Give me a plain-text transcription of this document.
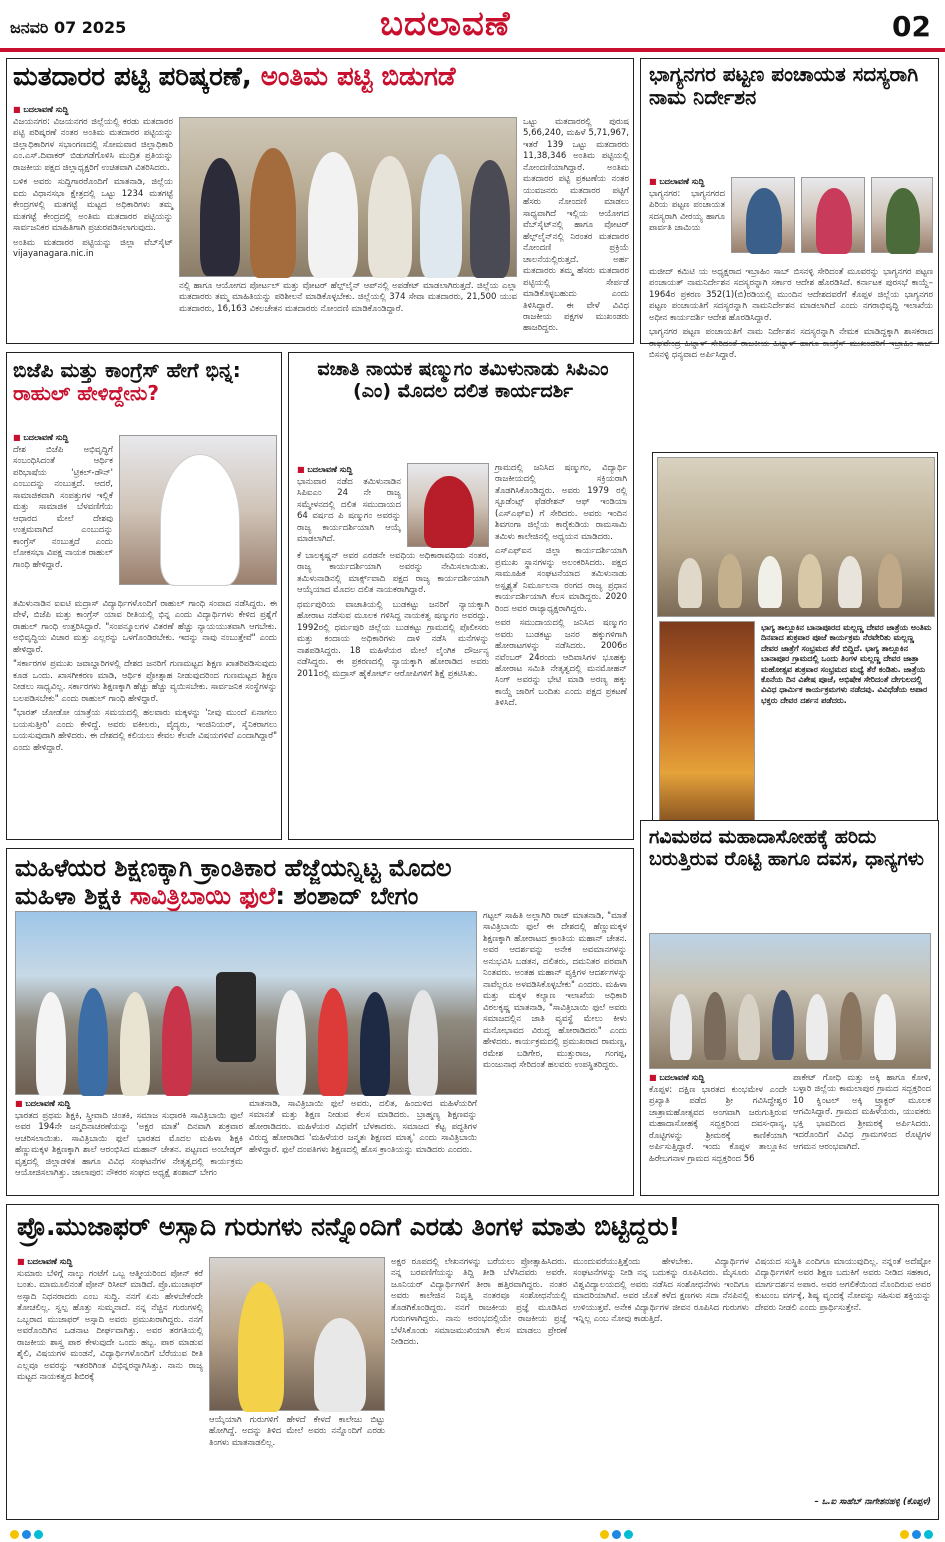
ಜನವರಿ 07 2025	ಬದಲಾವಣೆ	02
ಮತದಾರರ ಪಟ್ಟಿ ಪರಿಷ್ಕರಣೆ, ಅಂತಿಮ ಪಟ್ಟಿ ಬಿಡುಗಡೆ
■ ಬದಲಾವಣೆ ಸುದ್ದಿ

ವಿಜಯನಗರ: ವಿಜಯನಗರ ಜಿಲ್ಲೆಯಲ್ಲಿ ಕರಡು ಮತದಾರರ ಪಟ್ಟಿ ಪರಿಷ್ಕರಣೆ ನಂತರ ಅಂತಿಮ ಮತದಾರರ ಪಟ್ಟಿಯನ್ನು ಜಿಲ್ಲಾಧಿಕಾರಿಗಳ ಸಭಾಂಗಣದಲ್ಲಿ ಸೋಮವಾರ ಜಿಲ್ಲಾಧಿಕಾರಿ ಎಂ.ಎಸ್.ದಿವಾಕರ್ ಬಿಡುಗಡೆಗೊಳಿಸಿ ಮುದ್ರಿತ ಪ್ರತಿಯನ್ನು ರಾಜಕೀಯ ಪಕ್ಷದ ಜಿಲ್ಲಾಧ್ಯಕ್ಷರಿಗೆ ಉಚಿತವಾಗಿ ವಿತರಿಸಿದರು.

ಬಳಿಕ ಅವರು ಸುದ್ದಿಗಾರರೊಂದಿಗೆ ಮಾತನಾಡಿ, ಜಿಲ್ಲೆಯ ಐದು ವಿಧಾನಸಭಾ ಕ್ಷೇತ್ರದಲ್ಲಿ ಒಟ್ಟು 1234 ಮತಗಟ್ಟೆ ಕೇಂದ್ರಗಳಲ್ಲಿ ಮತಗಟ್ಟೆ ಮಟ್ಟದ ಅಧಿಕಾರಿಗಳು ತಮ್ಮ ಮತಗಟ್ಟೆ ಕೇಂದ್ರದಲ್ಲಿ ಅಂತಿಮ ಮತದಾರರ ಪಟ್ಟಿಯನ್ನು ಸಾರ್ವಜನಿಕರ ಮಾಹಿತಿಗಾಗಿ ಪ್ರಚುರಪಡಿಸಲಾಗುವುದು.

ಅಂತಿಮ ಮತದಾರರ ಪಟ್ಟಿಯನ್ನು ಜಿಲ್ಲಾ ವೆಬ್‌ಸೈಟ್ vijayanagara.nic.in

ನಲ್ಲಿ ಹಾಗೂ ಆಯೋಗದ ಪೋರ್ಟಲ್ ಮತ್ತು ವೋಟರ್ ಹೆಲ್ಪ್‌ಲೈನ್ ಆಪ್‌ನಲ್ಲಿ ಅಪಡೇಟ್ ಮಾಡಲಾಗಿರುತ್ತದೆ. ಜಿಲ್ಲೆಯ ಎಲ್ಲಾ ಮತದಾರರು ತಮ್ಮ ಮಾಹಿತಿಯನ್ನು ಪರಿಶೀಲನೆ ಮಾಡಿಕೊಳ್ಳಬೇಕು. ಜಿಲ್ಲೆಯಲ್ಲಿ 374 ಸೇವಾ ಮತದಾರರು, 21,500 ಯುವ ಮತದಾರರು, 16,163 ವಿಕಲಚೇತನ ಮತದಾರರು ನೋಂದಣಿ ಮಾಡಿಕೊಂಡಿದ್ದಾರೆ.
ಒಟ್ಟು ಮತದಾರರಲ್ಲಿ ಪುರುಷ 5,66,240, ಮಹಿಳೆ 5,71,967, ಇತರೆ 139 ಒಟ್ಟು ಮತದಾರರು 11,38,346 ಅಂತಿಮ ಪಟ್ಟಿಯಲ್ಲಿ ನೋಂದಣಿಯಾಗಿದ್ದಾರೆ. ಅಂತಿಮ ಮತದಾರರ ಪಟ್ಟಿ ಪ್ರಕಟಣೆಯ ನಂತರ ಯುವಜನರು ಮತದಾರರ ಪಟ್ಟಿಗೆ ಹೆಸರು ನೋಂದಣಿ ಮಾಡಲು ಸಾಧ್ಯವಾಗಿದೆ ಇಲ್ಲಿಯ ಆಯೋಗದ ವೆಬ್‌ಸೈಟ್‌ನಲ್ಲಿ ಹಾಗೂ ವೋಟರ್ ಹೆಲ್ಪ್‌ಲೈನ್‌ನಲ್ಲಿ ನಿರಂತರ ಮತದಾರರ ನೋಂದಣಿ ಪ್ರಕ್ರಿಯೆ ಚಾಲನೆಯಲ್ಲಿರುತ್ತದೆ. ಅರ್ಹ ಮತದಾರರು ತಮ್ಮ ಹೆಸರು ಮತದಾರರ ಪಟ್ಟಿಯಲ್ಲಿ ಸೇರ್ಪಡೆ ಮಾಡಿಕೊಳ್ಳಬಹುದು ಎಂದು ತಿಳಿಸಿದ್ದಾರೆ. ಈ ವೇಳೆ ವಿವಿಧ ರಾಜಕೀಯ ಪಕ್ಷಗಳ ಮುಖಂಡರು ಹಾಜರಿದ್ದರು.
ಭಾಗ್ಯನಗರ ಪಟ್ಟಣ ಪಂಚಾಯತ ಸದಸ್ಯರಾಗಿ ನಾಮ ನಿರ್ದೇಶನ
■ ಬದಲಾವಣೆ ಸುದ್ದಿ
ಭಾಗ್ಯನಗರ: ಭಾಗ್ಯನಗರದ ಪಿರಿಯ ಪಟ್ಟಣ ಪಂಚಾಯತ ಸದಸ್ಯರಾಗಿ ವೀರಯ್ಯ ಹಾಗೂ ಪಾರ್ವತಿ ಜಾಮಿಯ

ಮಜೀದ್ ಕಮಿಟಿ ಯ ಅಧ್ಯಕ್ಷರಾದ ಇಬ್ರಾಹಿಂ ಸಾಬ್ ಬಿಸನಳ್ಳಿ ಸೇರಿದಂತೆ ಮೂವರನ್ನು ಭಾಗ್ಯನಗರ ಪಟ್ಟಣ ಪಂಚಾಯತ್ ನಾಮನಿರ್ದೇಶನ ಸದಸ್ಯರನ್ನಾಗಿ ಸರ್ಕಾರ ಆದೇಶ ಹೊರಡಿಸಿದೆ. ಕರ್ನಾಟಕ ಪುರಸಭೆ ಕಾಯ್ದೆ–1964ರ ಪ್ರಕರಣ 352(1)(ಬಿ)ರಡಿಯಲ್ಲಿ ಮುಂದಿನ ಆದೇಶದವರೆಗೆ ಕೊಪ್ಪಳ ಜಿಲ್ಲೆಯ ಭಾಗ್ಯನಗರ ಪಟ್ಟಣ ಪಂಚಾಯತಿಗೆ ಸದಸ್ಯರನ್ನಾಗಿ ನಾಮನಿರ್ದೇಶನ ಮಾಡಲಾಗಿದೆ ಎಂದು ನಗರಾಭಿವೃದ್ಧಿ ಇಲಾಖೆಯ ಅಧೀನ ಕಾರ್ಯದರ್ಶಿ ಆದೇಶ ಹೊರಡಿಸಿದ್ದಾರೆ.

ಭಾಗ್ಯನಗರ ಪಟ್ಟಣ ಪಂಚಾಯತಿಗೆ ನಾಮ ನಿರ್ದೇಶನ ಸದಸ್ಯರನ್ನಾಗಿ ನೇಮಕ ಮಾಡಿದ್ದಕ್ಕಾಗಿ ಶಾಸಕರಾದ ರಾಘವೇಂದ್ರ ಹಿಟ್ನಾಳ್ ಸೇರಿದಂತೆ ರಾಜಕೀಯ ಹಿಟ್ನಾಳ್ ಹಾಗೂ ಕಾಂಗ್ರೆಸ್ ಮುಖಂಡರಿಗೆ ಇಬ್ರಾಹಿಂ ಸಾಬ್ ಬಿಸನಳ್ಳಿ ಧನ್ಯವಾದ ಅರ್ಪಿಸಿದ್ದಾರೆ.

ಬಿಜೆಪಿ ಮತ್ತು ಕಾಂಗ್ರೆಸ್ ಹೇಗೆ ಭಿನ್ನ: ರಾಹುಲ್ ಹೇಳಿದ್ದೇನು?
■ ಬದಲಾವಣೆ ಸುದ್ದಿ
ದೇಶ ಬಿಜೆಪಿ ಅಭಿವೃದ್ಧಿಗೆ ಸಂಬಂಧಿಸಿದಂತೆ ಆರ್ಥಿಕ ಪರಿಭಾಷೆಯ 'ಟ್ರಿಕಲ್-ಡೌನ್' ಎಂಬುದನ್ನು ನಂಬುತ್ತದೆ. ಆದರೆ, ಸಾಮಾಜಿಕವಾಗಿ ಸಂಪತ್ತುಗಳ ಇಲ್ಲಿಕೆ ಮತ್ತು ಸಾಮಾಜಿಕ ಬೆಳವಣಿಗೆಯ ಆಧಾರದ ಮೇಲೆ ದೇಶವು ಉತ್ತಮವಾಗಿದೆ ಎಂಬುದನ್ನು ಕಾಂಗ್ರೆಸ್ ನಂಬುತ್ತದೆ ಎಂದು ಲೋಕಸಭಾ ವಿಪಕ್ಷ ನಾಯಕ ರಾಹುಲ್ ಗಾಂಧಿ ಹೇಳಿದ್ದಾರೆ.

ತಮಿಳುನಾಡಿನ ಐಐಟಿ ಮದ್ರಾಸ್ ವಿದ್ಯಾರ್ಥಿಗಳೊಂದಿಗೆ ರಾಹುಲ್ ಗಾಂಧಿ ಸಂವಾದ ನಡೆಸಿದ್ದರು. ಈ ವೇಳೆ, ಬಿಜೆಪಿ ಮತ್ತು ಕಾಂಗ್ರೆಸ್ ಯಾವ ರೀತಿಯಲ್ಲಿ ಭಿನ್ನ ಎಂದು ವಿದ್ಯಾರ್ಥಿಗಳು ಕೇಳಿದ ಪ್ರಶ್ನೆಗೆ ರಾಹುಲ್ ಗಾಂಧಿ ಉತ್ತರಿಸಿದ್ದಾರೆ. "ಸಂಪನ್ಮೂಲಗಳ ವಿತರಣೆ ಹೆಚ್ಚು ನ್ಯಾಯಯುತವಾಗಿ ಆಗಬೇಕು. ಅಭಿವೃದ್ಧಿಯ ವಿಚಾರ ಮತ್ತು ಎಲ್ಲರನ್ನು ಒಳಗೊಂಡಿರಬೇಕು. ಇದನ್ನು ನಾವು ನಂಬುತ್ತೇವೆ" ಎಂದು ಹೇಳಿದ್ದಾರೆ.

"ಸರ್ಕಾರಗಳ ಪ್ರಮುಖ ಜವಾಬ್ದಾರಿಗಳಲ್ಲಿ ದೇಶದ ಜನರಿಗೆ ಗುಣಮಟ್ಟದ ಶಿಕ್ಷಣ ಖಾತರಿಪಡಿಸುವುದು ಕೂಡ ಒಂದು. ಖಾಸಗೀಕರಣ ಮಾಡಿ, ಆರ್ಥಿಕ ಪ್ರೋತ್ಸಾಹ ನೀಡುವುದರಿಂದ ಗುಣಮಟ್ಟದ ಶಿಕ್ಷಣ ನೀಡಲು ಸಾಧ್ಯವಿಲ್ಲ. ಸರ್ಕಾರಗಳು ಶಿಕ್ಷಣಕ್ಕಾಗಿ ಹೆಚ್ಚು ಹೆಚ್ಚು ವ್ಯಯಿಸಬೇಕು. ಸಾರ್ವಜನಿಕ ಸಂಸ್ಥೆಗಳನ್ನು ಬಲಪಡಿಸಬೇಕು" ಎಂದು ರಾಹುಲ್ ಗಾಂಧಿ ಹೇಳಿದ್ದಾರೆ.

"ಭಾರತ್ ಜೋಡೋ ಯಾತ್ರೆಯ ಸಮಯದಲ್ಲಿ ಹಲವಾರು ಮಕ್ಕಳನ್ನು 'ನೀವು ಮುಂದೆ ಏನಾಗಲು ಬಯಸುತ್ತೀರಿ' ಎಂದು ಕೇಳಿದ್ದೆ. ಅವರು ವಕೀಲರು, ವೈದ್ಯರು, ಇಂಜಿನಿಯರ್, ಸೈನಿಕರಾಗಲು ಬಯಸುವುದಾಗಿ ಹೇಳಿದರು. ಈ ದೇಶದಲ್ಲಿ ಕಲಿಯಲು ಕೇವಲ ಕೆಲವೇ ವಿಷಯಗಳಿವೆ ಎಂದಾಗಿದ್ದಾರೆ" ಎಂದು ಹೇಳಿದ್ದಾರೆ.

ವಚಾತಿ ನಾಯಕ ಷಣ್ಮುಗಂ ತಮಿಳುನಾಡು ಸಿಪಿಎಂ (ಎಂ) ಮೊದಲ ದಲಿತ ಕಾರ್ಯದರ್ಶಿ
■ ಬದಲಾವಣೆ ಸುದ್ದಿ
ಭಾನುವಾರ ನಡೆದ ತಮಿಳುನಾಡಿನ ಸಿಪಿಐಎಂ 24 ನೇ ರಾಜ್ಯ ಸಮ್ಮೇಳನದಲ್ಲಿ ದಲಿತ ಸಮುದಾಯದ 64 ವರ್ಷದ ಪಿ ಷಣ್ಮುಗಂ ಅವರನ್ನು ರಾಜ್ಯ ಕಾರ್ಯದರ್ಶಿಯಾಗಿ ಆಯ್ಕೆ ಮಾಡಲಾಗಿದೆ.

ಕೆ ಬಾಲಕೃಷ್ಣನ್ ಅವರ ಎರಡನೇ ಅವಧಿಯ ಅಧಿಕಾರಾವಧಿಯ ನಂತರ, ರಾಜ್ಯ ಕಾರ್ಯದರ್ಶಿಯಾಗಿ ಅವರನ್ನು ನೇಮಿಸಲಾಯಿತು. ತಮಿಳುನಾಡಿನಲ್ಲಿ ಮಾರ್ಕ್ಸ್‌ವಾದಿ ಪಕ್ಷದ ರಾಜ್ಯ ಕಾರ್ಯದರ್ಶಿಯಾಗಿ ಆಯ್ಕೆಯಾದ ಮೊದಲ ದಲಿತ ನಾಯಕರಾಗಿದ್ದಾರೆ.

ಧರ್ಮಪುರಿಯ ವಾಚಾತಿಯಲ್ಲಿ ಬುಡಕಟ್ಟು ಜನರಿಗೆ ನ್ಯಾಯಕ್ಕಾಗಿ ಹೋರಾಟ ನಡೆಸುವ ಮೂಲಕ ಗಳಿಸಿದ್ದ ನಾಯಕತ್ವ ಷಣ್ಮುಗಂ ಅವರದ್ದು. 1992ರಲ್ಲಿ ಧರ್ಮಪುರಿ ಜಿಲ್ಲೆಯ ಬುಡಕಟ್ಟು ಗ್ರಾಮದಲ್ಲಿ ಪೊಲೀಸರು ಮತ್ತು ಕಂದಾಯ ಅಧಿಕಾರಿಗಳು ದಾಳಿ ನಡೆಸಿ ಮನೆಗಳನ್ನು ನಾಶಪಡಿಸಿದ್ದರು. 18 ಮಹಿಳೆಯರ ಮೇಲೆ ಲೈಂಗಿಕ ದೌರ್ಜನ್ಯ ನಡೆಸಿದ್ದರು. ಈ ಪ್ರಕರಣದಲ್ಲಿ ನ್ಯಾಯಕ್ಕಾಗಿ ಹೋರಾಡಿದ ಅವರು 2011ರಲ್ಲಿ ಮದ್ರಾಸ್ ಹೈಕೋರ್ಟ್ ಆರೋಪಿಗಳಿಗೆ ಶಿಕ್ಷೆ ಪ್ರಕಟಿಸಿತು.

ಗ್ರಾಮದಲ್ಲಿ ಜನಿಸಿದ ಷಣ್ಮುಗಂ, ವಿದ್ಯಾರ್ಥಿ ರಾಜಕೀಯದಲ್ಲಿ ಸಕ್ರಿಯರಾಗಿ ತೊಡಗಿಸಿಕೊಂಡಿದ್ದರು. ಅವರು 1979 ರಲ್ಲಿ ಸ್ಟೂಡೆಂಟ್ಸ್ ಫೆಡರೇಶನ್ ಆಫ್ ಇಂಡಿಯಾ (ಎಸ್‌ಎಫ್‌ಐ) ಗೆ ಸೇರಿದರು. ಅವರು ಇಂದಿನ ಶಿವಗಂಗಾ ಜಿಲ್ಲೆಯ ಕಾರೈಕುಡಿಯ ರಾಮಸಾಮಿ ತಮಿಳು ಕಾಲೇಜಿನಲ್ಲಿ ಅಧ್ಯಯನ ಮಾಡಿದರು.

ಎಸ್‌ಎಫ್‌ಐನ ಜಿಲ್ಲಾ ಕಾರ್ಯದರ್ಶಿಯಾಗಿ ಪ್ರಮುಖ ಸ್ಥಾನಗಳನ್ನು ಅಲಂಕರಿಸಿದರು. ಪಕ್ಷದ ಸಾಮೂಹಿಕ ಸಂಘಟನೆಯಾದ ತಮಿಳುನಾಡು ಅಸ್ಪೃಶ್ಯತೆ ನಿರ್ಮೂಲನಾ ರಂಗದ ರಾಜ್ಯ ಪ್ರಧಾನ ಕಾರ್ಯದರ್ಶಿಯಾಗಿ ಕೆಲಸ ಮಾಡಿದ್ದರು. 2020 ರಿಂದ ಅವರ ರಾಜ್ಯಾಧ್ಯಕ್ಷರಾಗಿದ್ದರು.

ಅವರ ಸಮುದಾಯದಲ್ಲಿ ಜನಿಸಿದ ಷಣ್ಮುಗಂ ಅವರು ಬುಡಕಟ್ಟು ಜನರ ಹಕ್ಕುಗಳಿಗಾಗಿ ಹೋರಾಟಗಳನ್ನು ನಡೆಸಿದರು. 2006ರ ನವೆಂಬರ್ 24ರಂದು ಆದಿವಾಸಿಗಳ ಭೂಹಕ್ಕು ಹೋರಾಟ ಸಮಿತಿ ನೇತೃತ್ವದಲ್ಲಿ ಮನಮೋಹನ್ ಸಿಂಗ್ ಅವರನ್ನು ಭೇಟಿ ಮಾಡಿ ಅರಣ್ಯ ಹಕ್ಕು ಕಾಯ್ದೆ ಜಾರಿಗೆ ಬಂದಿತು ಎಂದು ಪಕ್ಷದ ಪ್ರಕಟಣೆ ತಿಳಿಸಿದೆ.

ಭಾಗ್ಯ ತಾಲ್ಲೂಕಿನ ಬಾನಾಪೂರದ ಮಲ್ಲಣ್ಣ ದೇವರ ಜಾತ್ರೆಯ ಅಂತಿಮ ದಿನವಾದ ಶುಕ್ರವಾರ ಪೂಜೆ ಕಾರ್ಯಕ್ರಮ ನೆರವೇರಿತು ಮಲ್ಲಣ್ಣ ದೇವರ ಜಾತ್ರೆಗೆ ಸಂಭ್ರಮದ ತೆರೆ ಬಿದ್ದಿದೆ. ಭಾಗ್ಯ ತಾಲ್ಲೂಕಿನ ಬಾನಾಪೂರ ಗ್ರಾಮದಲ್ಲಿ ಒಂದು ತಿಂಗಳ ಮಲ್ಲಣ್ಣ ದೇವರ ಜಾತ್ರಾ ಮಹೋತ್ಸವ ಶುಕ್ರವಾರ ಸಂಭ್ರಮದ ಮಧ್ಯೆ ತೆರೆ ಕಂಡಿತು. ಜಾತ್ರೆಯ ಕೊನೆಯ ದಿನ ವಿಶೇಷ ಪೂಜೆ, ಅಭಿಷೇಕ ಸೇರಿದಂತೆ ದೇಗುಲದಲ್ಲಿ ವಿವಿಧ ಧಾರ್ಮಿಕ ಕಾರ್ಯಕ್ರಮಗಳು ನಡೆದವು. ವಿವಿಧೆಡೆಯ ಅಪಾರ ಭಕ್ತರು ದೇವರ ದರ್ಶನ ಪಡೆದರು.
ಮಹಿಳೆಯರ ಶಿಕ್ಷಣಕ್ಕಾಗಿ ಕ್ರಾಂತಿಕಾರ ಹೆಜ್ಜೆಯನ್ನಿಟ್ಟ ಮೊದಲ
ಮಹಿಳಾ ಶಿಕ್ಷಕಿ ಸಾವಿತ್ರಿಬಾಯಿ ಫುಲೆ: ಶಂಶಾದ್ ಬೇಗಂ
ಗಟ್ಟಲ್ ಸಾಹಿತಿ ಅಲ್ಲಾಗಿರಿ ರಾಜ್ ಮಾತನಾಡಿ, "ಮಾತೆ ಸಾವಿತ್ರಿಬಾಯಿ ಫುಲೆ ಈ ದೇಶದಲ್ಲಿ ಹೆಣ್ಣುಮಕ್ಕಳ ಶಿಕ್ಷಣಕ್ಕಾಗಿ ಹೋರಾಟದ ಕ್ರಾಂತಿಯ ಮಹಾನ್ ಚೇತನ. ಅವರ ಆದರ್ಶವನ್ನು ಅನೇಕ ಅವಮಾನಗಳನ್ನು ಅನುಭವಿಸಿ ಬಡತನ, ದಲಿತರು, ದಮನಿತರ ಪರವಾಗಿ ನಿಂತವರು. ಅಂತಹ ಮಹಾನ್ ವ್ಯಕ್ತಿಗಳ ಆದರ್ಶಗಳನ್ನು ನಾವೆಲ್ಲರೂ ಅಳವಡಿಸಿಕೊಳ್ಳಬೇಕು" ಎಂದರು. ಮಹಿಳಾ ಮತ್ತು ಮಕ್ಕಳ ಕಲ್ಯಾಣ ಇಲಾಖೆಯ ಅಧಿಕಾರಿ ವಿಠಲಕೃಷ್ಣ ಮಾತನಾಡಿ, "ಸಾವಿತ್ರಿಬಾಯಿ ಫುಲೆ ಅವರು ಸಮಾಜದಲ್ಲಿನ ಜಾತಿ ವ್ಯವಸ್ಥೆ ಮೇಲು ಕೀಳು ಮನೋಭಾವದ ವಿರುದ್ಧ ಹೋರಾಡಿದರು" ಎಂದು ಹೇಳಿದರು. ಕಾರ್ಯಕ್ರಮದಲ್ಲಿ ಪ್ರಮುಖರಾದ ರಾಮಣ್ಣ, ರಮೇಶ ಬಡಿಗೇರ, ಮುತ್ತುರಾಜ, ಗಂಗಪ್ಪ, ಮಂಜುನಾಥ ಸೇರಿದಂತೆ ಹಲವರು ಉಪಸ್ಥಿತರಿದ್ದರು.
■ ಬದಲಾವಣೆ ಸುದ್ದಿ
ಭಾರತದ ಪ್ರಥಮ ಶಿಕ್ಷಕಿ, ಸ್ತ್ರೀವಾದಿ ಚಿಂತಕಿ, ಸಮಾಜ ಸುಧಾರಕಿ ಸಾವಿತ್ರಿಬಾಯಿ ಫುಲೆ ಅವರ 194ನೇ ಜನ್ಮದಿನಾಚರಣೆಯನ್ನು 'ಅಕ್ಷರ ಮಾತೆ' ದಿನವಾಗಿ ಶುಕ್ರವಾರ ಆಚರಿಸಲಾಯಿತು. ಸಾವಿತ್ರಿಬಾಯಿ ಫುಲೆ ಭಾರತದ ಮೊದಲ ಮಹಿಳಾ ಶಿಕ್ಷಕಿ ಹೆಣ್ಣುಮಕ್ಕಳ ಶಿಕ್ಷಣಕ್ಕಾಗಿ ಶಾಲೆ ಆರಂಭಿಸಿದ ಮಹಾನ್ ಚೇತನ. ಪಟ್ಟಣದ ಅಂಬೇಡ್ಕರ್ ವೃತ್ತದಲ್ಲಿ ಜಿಲ್ಲಾಡಳಿತ ಹಾಗೂ ವಿವಿಧ ಸಂಘಟನೆಗಳ ನೇತೃತ್ವದಲ್ಲಿ ಕಾರ್ಯಕ್ರಮ ಆಯೋಜಿಸಲಾಗಿತ್ತು. ಜಾಲಾಪುರ: ನೌಕರರ ಸಂಘದ ಅಧ್ಯಕ್ಷೆ ಶಂಶಾದ್ ಬೇಗಂ
ಮಾತನಾಡಿ, ಸಾವಿತ್ರಿಬಾಯಿ ಫುಲೆ ಅವರು, ದಲಿತ, ಹಿಂದುಳಿದ ಮಹಿಳೆಯರಿಗೆ ಸಮಾನತೆ ಮತ್ತು ಶಿಕ್ಷಣ ನೀಡುವ ಕೆಲಸ ಮಾಡಿದರು. ಬ್ರಾಹ್ಮಣ್ಯ ಶಿಕ್ಷಣವನ್ನು ಹೋರಾಡಿದರು. ಮಹಿಳೆಯರ ವಿಧವೆಗೆ ಬೆಳಕಾದರು. ಸಮಾಜದ ಕೆಟ್ಟ ಪದ್ಧತಿಗಳ ವಿರುದ್ಧ ಹೋರಾಡಿದ 'ಮಹಿಳೆಯರ ಜನ್ಮತಃ ಶಿಕ್ಷಣದ ಮಾತೃ' ಎಂದು ಸಾವಿತ್ರಿಬಾಯಿ ಹೇಳಿದ್ದಾರೆ. ಫುಲೆ ದಂಪತಿಗಳು ಶಿಕ್ಷಣದಲ್ಲಿ ಹೊಸ ಕ್ರಾಂತಿಯನ್ನು ಮಾಡಿದರು ಎಂದರು.
ಗವಿಮಠದ ಮಹಾದಾಸೋಹಕ್ಕೆ ಹರಿದು ಬರುತ್ತಿರುವ ರೊಟ್ಟಿ ಹಾಗೂ ದವಸ, ಧಾನ್ಯಗಳು
■ ಬದಲಾವಣೆ ಸುದ್ದಿ
ಕೊಪ್ಪಳ: ದಕ್ಷಿಣ ಭಾರತದ ಕುಂಭಮೇಳ ಎಂದೇ ಪ್ರಖ್ಯಾತಿ ಪಡೆದ ಶ್ರೀ ಗವಿಸಿದ್ಧೇಶ್ವರ ಜಾತ್ರಾಮಹೋತ್ಸವದ ಅಂಗವಾಗಿ ಜರುಗುತ್ತಿರುವ ಮಹಾದಾಸೋಹಕ್ಕೆ ಸದ್ಭಕ್ತರಿಂದ ದವಸ-ಧಾನ್ಯ, ರೊಟ್ಟಿಗಳನ್ನು ಶ್ರೀಮಠಕ್ಕೆ ಕಾಣಿಕೆಯಾಗಿ ಅರ್ಪಿಸುತ್ತಿದ್ದಾರೆ. ಇಂದು ಕೊಪ್ಪಳ ತಾಲ್ಲೂಕಿನ ಹಿರೇಬಗನಾಳ ಗ್ರಾಮದ ಸದ್ಭಕ್ತರಿಂದ 56
ಪಾಕೇಟ್ ಗೋಧಿ ಮತ್ತು ಅಕ್ಕಿ ಹಾಗೂ ಕೋಳಿ, ಬಳ್ಳಾರಿ ಜಿಲ್ಲೆಯ ಕಾಮಲಾಪುರ ಗ್ರಾಮದ ಸದ್ಭಕ್ತರಿಂದ 10 ಕ್ವಿಂಟಲ್ ಅಕ್ಕಿ ಟ್ರ್ಯಾಕ್ಟರ್ ಮೂಲಕ ಆಗಮಿಸಿದ್ದಾರೆ. ಗ್ರಾಮದ ಮಹಿಳೆಯರು, ಯುವಕರು ಭಕ್ತಿ ಭಾವದಿಂದ ಶ್ರೀಮಠಕ್ಕೆ ಅರ್ಪಿಸಿದರು. ಇದರೊಂದಿಗೆ ವಿವಿಧ ಗ್ರಾಮಗಳಿಂದ ರೊಟ್ಟಿಗಳ ಆಗಮನ ಆರಂಭವಾಗಿದೆ.
ಪ್ರೊ.ಮುಜಾಫರ್ ಅಸ್ಸಾದಿ ಗುರುಗಳು ನನ್ನೊಂದಿಗೆ ಎರಡು ತಿಂಗಳ ಮಾತು ಬಿಟ್ಟಿದ್ದರು!
■ ಬದಲಾವಣೆ ಸುದ್ದಿ
ಸುಮಾರು ಬೆಳಿಗ್ಗೆ ನಾಲ್ಕು ಗಂಟೆಗೆ ಒಬ್ಬ ಆತ್ಮೀಯರಿಂದ ಪೋನ್ ಕರೆ ಬಂತು. ಮಾಮೂಲಿನಂತೆ ಪೋನ್ ರಿಸೀವ್ ಮಾಡಿದೆ. ಪ್ರೊ.ಮುಜಾಫರ್ ಅಸ್ಸಾದಿ ನಿಧನರಾದರು ಎಂಬ ಸುದ್ದಿ. ನನಗೆ ಏನು ಹೇಳಬೇಕೆಂದೇ ತೋಚಲಿಲ್ಲ. ಸ್ವಲ್ಪ ಹೊತ್ತು ಸುಮ್ಮನಾದೆ. ನನ್ನ ನೆಚ್ಚಿನ ಗುರುಗಳಲ್ಲಿ ಒಬ್ಬರಾದ ಮುಜಾಫರ್ ಅಸ್ಸಾದಿ ಅವರು ಪ್ರಮುಖರಾಗಿದ್ದರು. ನನಗೆ ಅವರೊಂದಿಗಿನ ಒಡನಾಟ ದೀರ್ಘವಾಗಿತ್ತು. ಅವರ ತರಗತಿಯಲ್ಲಿ ರಾಜಕೀಯ ಶಾಸ್ತ್ರ ಪಾಠ ಕೇಳುವುದೇ ಒಂದು ಹಬ್ಬ. ಪಾಠ ಮಾಡುವ ಶೈಲಿ, ವಿಷಯಗಳ ಮಂಡನೆ, ವಿದ್ಯಾರ್ಥಿಗಳೊಂದಿಗೆ ಬೆರೆಯುವ ರೀತಿ ಎಲ್ಲವೂ ಅವರನ್ನು ಇತರರಿಗಿಂತ ವಿಭಿನ್ನರನ್ನಾಗಿಸಿತ್ತು. ನಾನು ರಾಜ್ಯ ಮಟ್ಟದ ನಾಯಕತ್ವದ ಶಿಬಿರಕ್ಕೆ
ಆಯ್ಕೆಯಾಗಿ ಗುರುಗಳಿಗೆ ಹೇಳದೆ ಕೇಳದೆ ಕಾಲೇಜು ಬಿಟ್ಟು ಹೋಗಿದ್ದೆ. ಅದನ್ನು ತಿಳಿದ ಮೇಲೆ ಅವರು ನನ್ನೊಂದಿಗೆ ಎರಡು ತಿಂಗಳು ಮಾತನಾಡಲಿಲ್ಲ.
ಅಕ್ಷರ ರೂಪದಲ್ಲಿ ಲೇಖನಗಳನ್ನು ಬರೆಯಲು ಪ್ರೋತ್ಸಾಹಿಸಿದರು. ನನ್ನ ಬರವಣಿಗೆಯನ್ನು ತಿದ್ದಿ ತೀಡಿ ಬೆಳೆಸಿದವರು ಅವರೇ. ಜೂನಿಯರ್ ವಿದ್ಯಾರ್ಥಿಗಳಿಗೆ ತೀರಾ ಹತ್ತಿರವಾಗಿದ್ದರು. ನಂತರ ಅವರು ಕಾಲೇಜಿನ ನಿವೃತ್ತಿ ನಂತರವೂ ಸಂಶೋಧನೆಯಲ್ಲಿ ತೊಡಗಿಕೊಂಡಿದ್ದರು. ನನಗೆ ರಾಜಕೀಯ ಪ್ರಜ್ಞೆ ಮೂಡಿಸಿದ ಗುರುಗಳಾಗಿದ್ದರು. ನಾನು ಅರಂಭದಲ್ಲಿಯೇ ರಾಜಕೀಯ ಪ್ರಜ್ಞೆ ಬೆಳೆಸಿಕೊಂಡು ಸಮಾಜಮುಖಿಯಾಗಿ ಕೆಲಸ ಮಾಡಲು ಪ್ರೇರಣೆ ನೀಡಿದರು.
ಮುಂದುವರೆಯುತ್ತಿತ್ತೆಂದು ಹೇಳಬೇಕು. ವಿದ್ಯಾರ್ಥಿಗಳ ಸಂಘಟನೆಗಳನ್ನು ನೀಡಿ ನನ್ನ ಬದುಕನ್ನು ರೂಪಿಸಿದರು. ಮೈಸೂರು ವಿಶ್ವವಿದ್ಯಾಲಯದಲ್ಲಿ ಅವರು ನಡೆಸಿದ ಸಂಶೋಧನೆಗಳು ಇಂದಿಗೂ ಮಾದರಿಯಾಗಿವೆ. ಅವರ ಜೊತೆ ಕಳೆದ ಕ್ಷಣಗಳು ಸದಾ ನೆನಪಿನಲ್ಲಿ ಉಳಿಯುತ್ತವೆ. ಅನೇಕ ವಿದ್ಯಾರ್ಥಿಗಳ ಜೀವನ ರೂಪಿಸಿದ ಗುರುಗಳು ಇನ್ನಿಲ್ಲ ಎಂಬ ನೋವು ಕಾಡುತ್ತಿದೆ.
ವಿಷಯದ ಸುಸ್ಥಿತಿ ಎಂದಿಗೂ ಮಾಯುವುದಿಲ್ಲ. ನನ್ನಂತೆ ಅದೆಷ್ಟೋ ವಿದ್ಯಾರ್ಥಿಗಳಿಗೆ ಅವರ ಶಿಕ್ಷಣ ಬದುಕಿಗೆ ಅವರು ನೀಡಿದ ಸಹಕಾರ, ಮಾರ್ಗದರ್ಶನ ಅಪಾರ. ಅವರ ಅಗಲಿಕೆಯಿಂದ ನೊಂದಿರುವ ಅವರ ಕುಟುಂಬ ವರ್ಗಕ್ಕೆ, ಶಿಷ್ಯ ವೃಂದಕ್ಕೆ ನೋವನ್ನು ಸಹಿಸುವ ಶಕ್ತಿಯನ್ನು ದೇವರು ನೀಡಲಿ ಎಂದು ಪ್ರಾರ್ಥಿಸುತ್ತೇನೆ.
– ಒ.ಐ ಸಾಹೆಬ್ ನಾಗೇಶನಹಳ್ಳಿ (ಕೊಪ್ಪಳ)
